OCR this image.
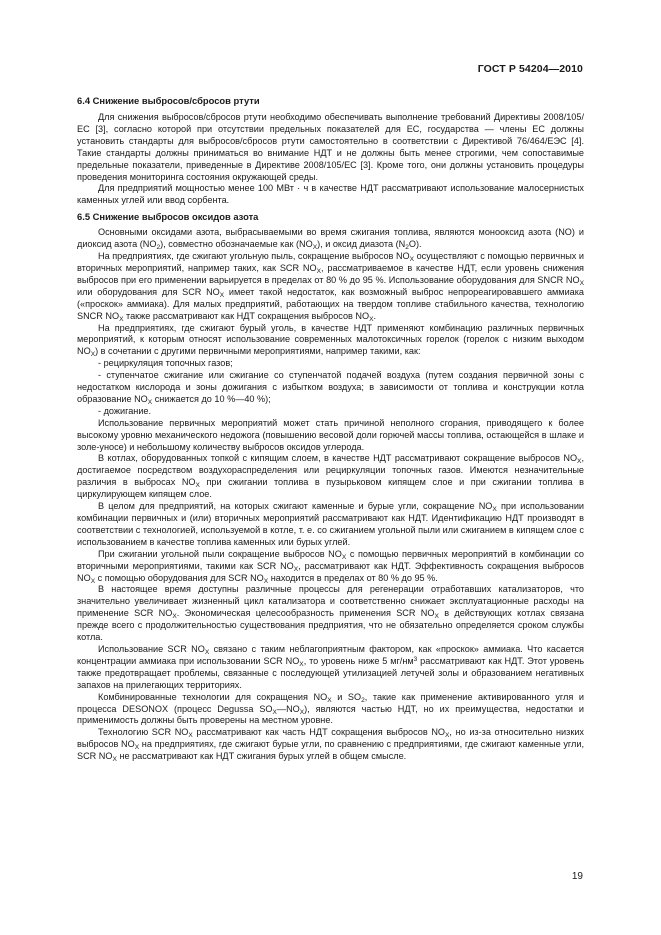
ГОСТ Р 54204—2010
6.4 Снижение выбросов/сбросов ртути

Для снижения выбросов/сбросов ртути необходимо обеспечивать выполнение требований Директивы 2008/105/ЕС [3], согласно которой при отсутствии предельных показателей для ЕС, государства — члены ЕС должны установить стандарты для выбросов/сбросов ртути самостоятельно в соответствии с Директивой 76/464/ЕЭС [4]. Такие стандарты должны приниматься во внимание НДТ и не должны быть менее строгими, чем сопоставимые предельные показатели, приведенные в Директиве 2008/105/ЕС [3]. Кроме того, они должны установить процедуры проведения мониторинга состояния окружающей среды.

Для предприятий мощностью менее 100 МВт · ч в качестве НДТ рассматривают использование малосернистых каменных углей или ввод сорбента.

6.5 Снижение выбросов оксидов азота

Основными оксидами азота, выбрасываемыми во время сжигания топлива, являются монооксид азота (NO) и диоксид азота $(NO_2)$, совместно обозначаемые как $(NO_X)$, и оксид диазота $(N_2O)$.

На предприятиях, где сжигают угольную пыль, сокращение выбросов $NO_X$ осуществляют с помощью первичных и вторичных мероприятий, например таких, как SCR $NO_X$, рассматриваемое в качестве НДТ, если уровень снижения выбросов при его применении варьируется в пределах от 80 % до 95 %. Использование оборудования для SNCR $NO_X$ или оборудования для SCR $NO_X$ имеет такой недостаток, как возможный выброс непрореагировавшего аммиака («проскок» аммиака). Для малых предприятий, работающих на твердом топливе стабильного качества, технологию SNCR $NO_X$ также рассматривают как НДТ сокращения выбросов $NO_X$.

На предприятиях, где сжигают бурый уголь, в качестве НДТ применяют комбинацию различных первичных мероприятий, к которым относят использование современных малотоксичных горелок (горелок с низким выходом $NO_X$) в сочетании с другими первичными мероприятиями, например такими, как:

- рециркуляция топочных газов;

- ступенчатое сжигание или сжигание со ступенчатой подачей воздуха (путем создания первичной зоны с недостатком кислорода и зоны дожигания с избытком воздуха; в зависимости от топлива и конструкции котла образование $NO_X$ снижается до 10 %—40 %);

- дожигание.

Использование первичных мероприятий может стать причиной неполного сгорания, приводящего к более высокому уровню механического недожога (повышению весовой доли горючей массы топлива, остающейся в шлаке и золе-уносе) и небольшому количеству выбросов оксидов углерода.

В котлах, оборудованных топкой с кипящим слоем, в качестве НДТ рассматривают сокращение выбросов $NO_X$, достигаемое посредством воздухораспределения или рециркуляции топочных газов. Имеются незначительные различия в выбросах $NO_X$ при сжигании топлива в пузырьковом кипящем слое и при сжигании топлива в циркулирующем кипящем слое.

В целом для предприятий, на которых сжигают каменные и бурые угли, сокращение $NO_X$ при использовании комбинации первичных и (или) вторичных мероприятий рассматривают как НДТ. Идентификацию НДТ производят в соответствии с технологией, используемой в котле, т. е. со сжиганием угольной пыли или сжиганием в кипящем слое с использованием в качестве топлива каменных или бурых углей.

При сжигании угольной пыли сокращение выбросов $NO_X$ с помощью первичных мероприятий в комбинации со вторичными мероприятиями, такими как SCR $NO_X$, рассматривают как НДТ. Эффективность сокращения выбросов $NO_X$ с помощью оборудования для SCR $NO_X$ находится в пределах от 80 % до 95 %.

В настоящее время доступны различные процессы для регенерации отработавших катализаторов, что значительно увеличивает жизненный цикл катализатора и соответственно снижает эксплуатационные расходы на применение SCR $NO_X$. Экономическая целесообразность применения SCR $NO_X$ в действующих котлах связана прежде всего с продолжительностью существования предприятия, что не обязательно определяется сроком службы котла.

Использование SCR $NO_X$ связано с таким неблагоприятным фактором, как «проскок» аммиака. Что касается концентрации аммиака при использовании SCR $NO_X$, то уровень ниже 5 $мг/нм^3$ рассматривают как НДТ. Этот уровень также предотвращает проблемы, связанные с последующей утилизацией летучей золы и образованием негативных запахов на прилегающих территориях.

Комбинированные технологии для сокращения $NO_X$ и $SO_2$, такие как применение активированного угля и процесса DESONOX (процесс Degussa $SO_X—NO_X$), являются частью НДТ, но их преимущества, недостатки и применимость должны быть проверены на местном уровне.

Технологию SCR $NO_X$ рассматривают как часть НДТ сокращения выбросов $NO_X$, но из-за относительно низких выбросов $NO_X$ на предприятиях, где сжигают бурые угли, по сравнению с предприятиями, где сжигают каменные угли, SCR $NO_X$ не рассматривают как НДТ сжигания бурых углей в общем смысле.

19
